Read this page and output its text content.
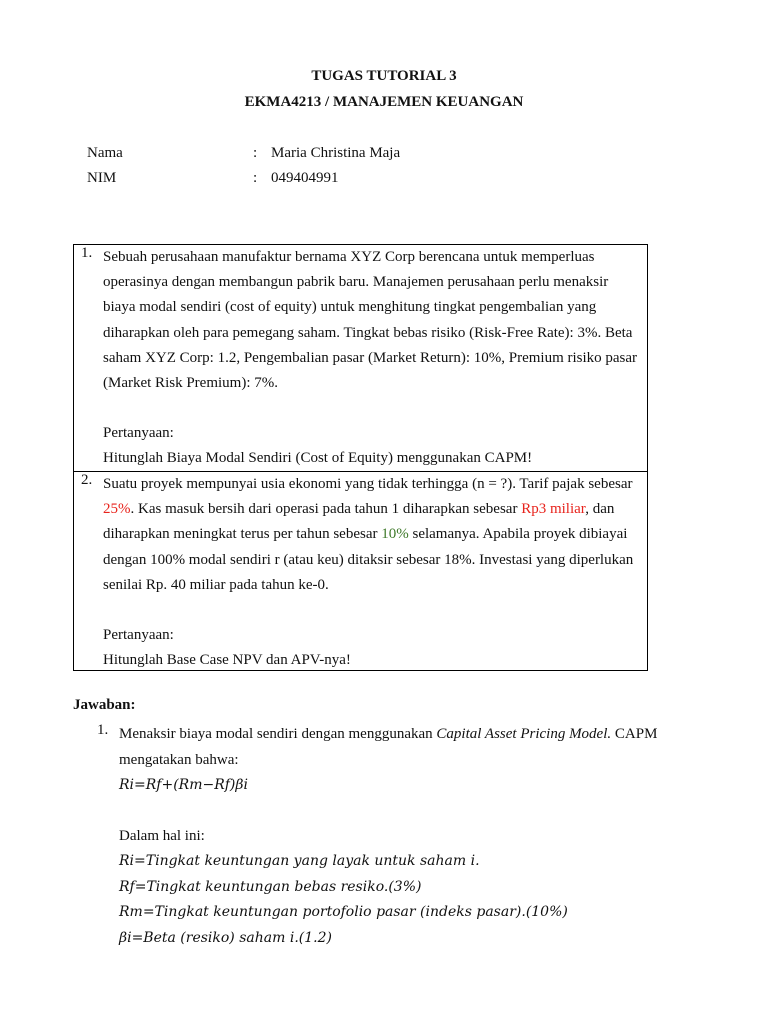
TUGAS TUTORIAL 3
EKMA4213 / MANAJEMEN KEUANGAN
Nama	: Maria Christina Maja
NIM	: 049404991
1. Sebuah perusahaan manufaktur bernama XYZ Corp berencana untuk memperluas operasinya dengan membangun pabrik baru. Manajemen perusahaan perlu menaksir biaya modal sendiri (cost of equity) untuk menghitung tingkat pengembalian yang diharapkan oleh para pemegang saham. Tingkat bebas risiko (Risk-Free Rate): 3%. Beta saham XYZ Corp: 1.2, Pengembalian pasar (Market Return): 10%, Premium risiko pasar (Market Risk Premium): 7%.

Pertanyaan:

Hitunglah Biaya Modal Sendiri (Cost of Equity) menggunakan CAPM!

2. Suatu proyek mempunyai usia ekonomi yang tidak terhingga (n = ?). Tarif pajak sebesar 25%. Kas masuk bersih dari operasi pada tahun 1 diharapkan sebesar Rp3 miliar, dan diharapkan meningkat terus per tahun sebesar 10% selamanya. Apabila proyek dibiayai dengan 100% modal sendiri r (atau keu) ditaksir sebesar 18%. Investasi yang diperlukan senilai Rp. 40 miliar pada tahun ke-0.

Pertanyaan:

Hitunglah Base Case NPV dan APV-nya!

Jawaban:
1. Menaksir biaya modal sendiri dengan menggunakan Capital Asset Pricing Model. CAPM mengatakan bahwa:

Ri=Rf+(Rm−Rf)βi

Dalam hal ini:

Ri=Tingkat keuntungan yang layak untuk saham i.

Rf=Tingkat keuntungan bebas resiko.(3%)

Rm=Tingkat keuntungan portofolio pasar (indeks pasar).(10%)

βi=Beta (resiko) saham i.(1.2)
